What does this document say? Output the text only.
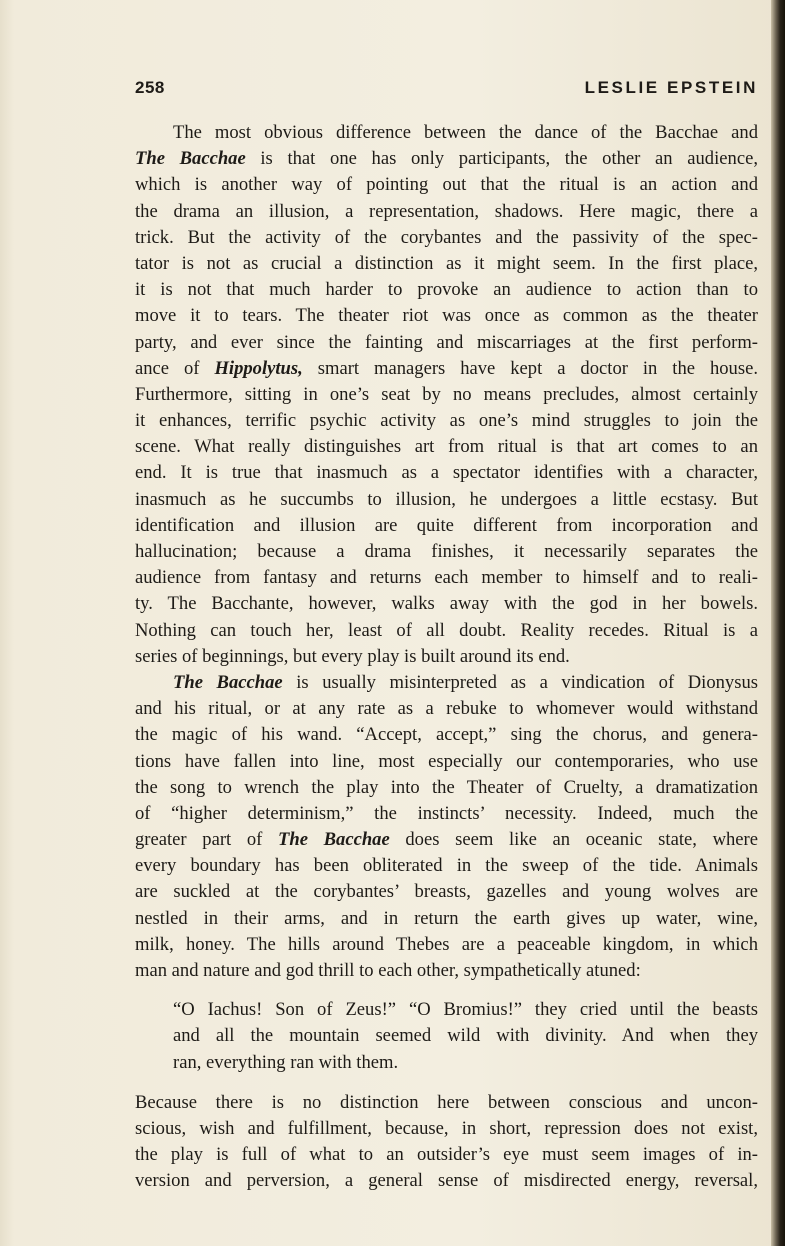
258	LESLIE EPSTEIN
The most obvious difference between the dance of the Bacchae and
The Bacchae is that one has only participants, the other an audience,
which is another way of pointing out that the ritual is an action and
the drama an illusion, a representation, shadows. Here magic, there a
trick. But the activity of the corybantes and the passivity of the spec-
tator is not as crucial a distinction as it might seem. In the first place,
it is not that much harder to provoke an audience to action than to
move it to tears. The theater riot was once as common as the theater
party, and ever since the fainting and miscarriages at the first perform-
ance of Hippolytus, smart managers have kept a doctor in the house.
Furthermore, sitting in one’s seat by no means precludes, almost certainly
it enhances, terrific psychic activity as one’s mind struggles to join the
scene. What really distinguishes art from ritual is that art comes to an
end. It is true that inasmuch as a spectator identifies with a character,
inasmuch as he succumbs to illusion, he undergoes a little ecstasy. But
identification and illusion are quite different from incorporation and
hallucination; because a drama finishes, it necessarily separates the
audience from fantasy and returns each member to himself and to reali-
ty. The Bacchante, however, walks away with the god in her bowels.
Nothing can touch her, least of all doubt. Reality recedes. Ritual is a
series of beginnings, but every play is built around its end.
The Bacchae is usually misinterpreted as a vindication of Dionysus
and his ritual, or at any rate as a rebuke to whomever would withstand
the magic of his wand. “Accept, accept,” sing the chorus, and genera-
tions have fallen into line, most especially our contemporaries, who use
the song to wrench the play into the Theater of Cruelty, a dramatization
of “higher determinism,” the instincts’ necessity. Indeed, much the
greater part of The Bacchae does seem like an oceanic state, where
every boundary has been obliterated in the sweep of the tide. Animals
are suckled at the corybantes’ breasts, gazelles and young wolves are
nestled in their arms, and in return the earth gives up water, wine,
milk, honey. The hills around Thebes are a peaceable kingdom, in which
man and nature and god thrill to each other, sympathetically atuned:
“O Iachus! Son of Zeus!” “O Bromius!” they cried until the beasts
and all the mountain seemed wild with divinity. And when they
ran, everything ran with them.
Because there is no distinction here between conscious and uncon-
scious, wish and fulfillment, because, in short, repression does not exist,
the play is full of what to an outsider’s eye must seem images of in-
version and perversion, a general sense of misdirected energy, reversal,
